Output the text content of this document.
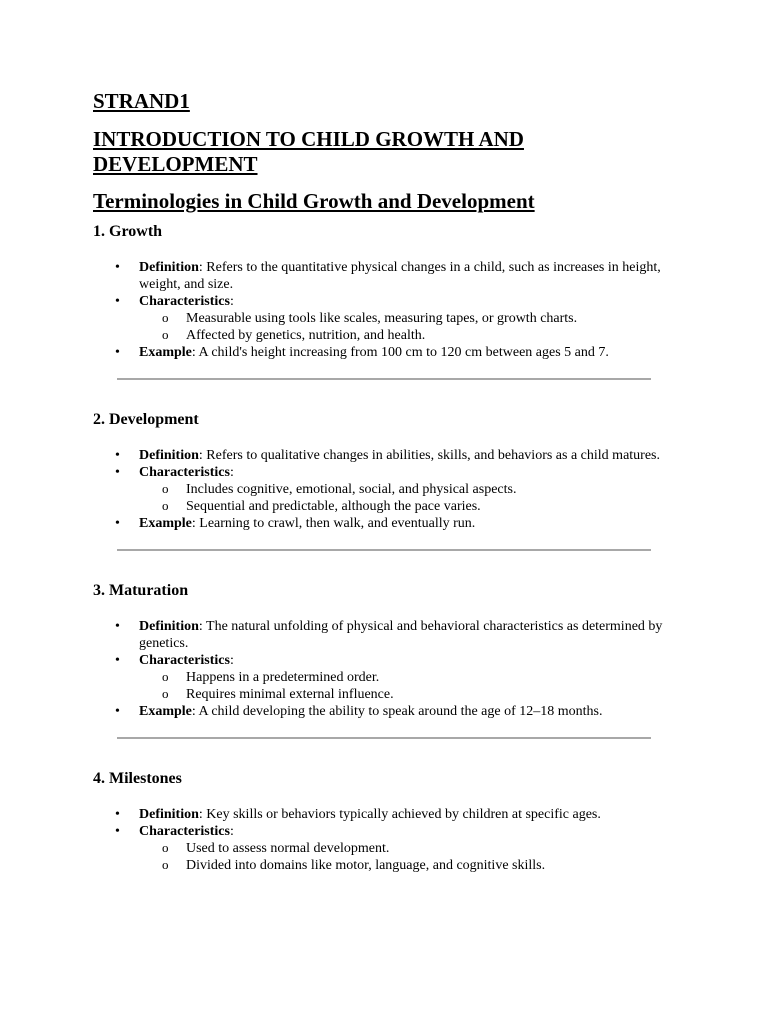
STRAND1
INTRODUCTION TO CHILD GROWTH AND DEVELOPMENT
Terminologies in Child Growth and Development
1. Growth
• Definition: Refers to the quantitative physical changes in a child, such as increases in height, weight, and size.
• Characteristics:
o Measurable using tools like scales, measuring tapes, or growth charts.
o Affected by genetics, nutrition, and health.
• Example: A child's height increasing from 100 cm to 120 cm between ages 5 and 7.
2. Development
• Definition: Refers to qualitative changes in abilities, skills, and behaviors as a child matures.
• Characteristics:
o Includes cognitive, emotional, social, and physical aspects.
o Sequential and predictable, although the pace varies.
• Example: Learning to crawl, then walk, and eventually run.
3. Maturation
• Definition: The natural unfolding of physical and behavioral characteristics as determined by genetics.
• Characteristics:
o Happens in a predetermined order.
o Requires minimal external influence.
• Example: A child developing the ability to speak around the age of 12–18 months.
4. Milestones
• Definition: Key skills or behaviors typically achieved by children at specific ages.
• Characteristics:
o Used to assess normal development.
o Divided into domains like motor, language, and cognitive skills.
